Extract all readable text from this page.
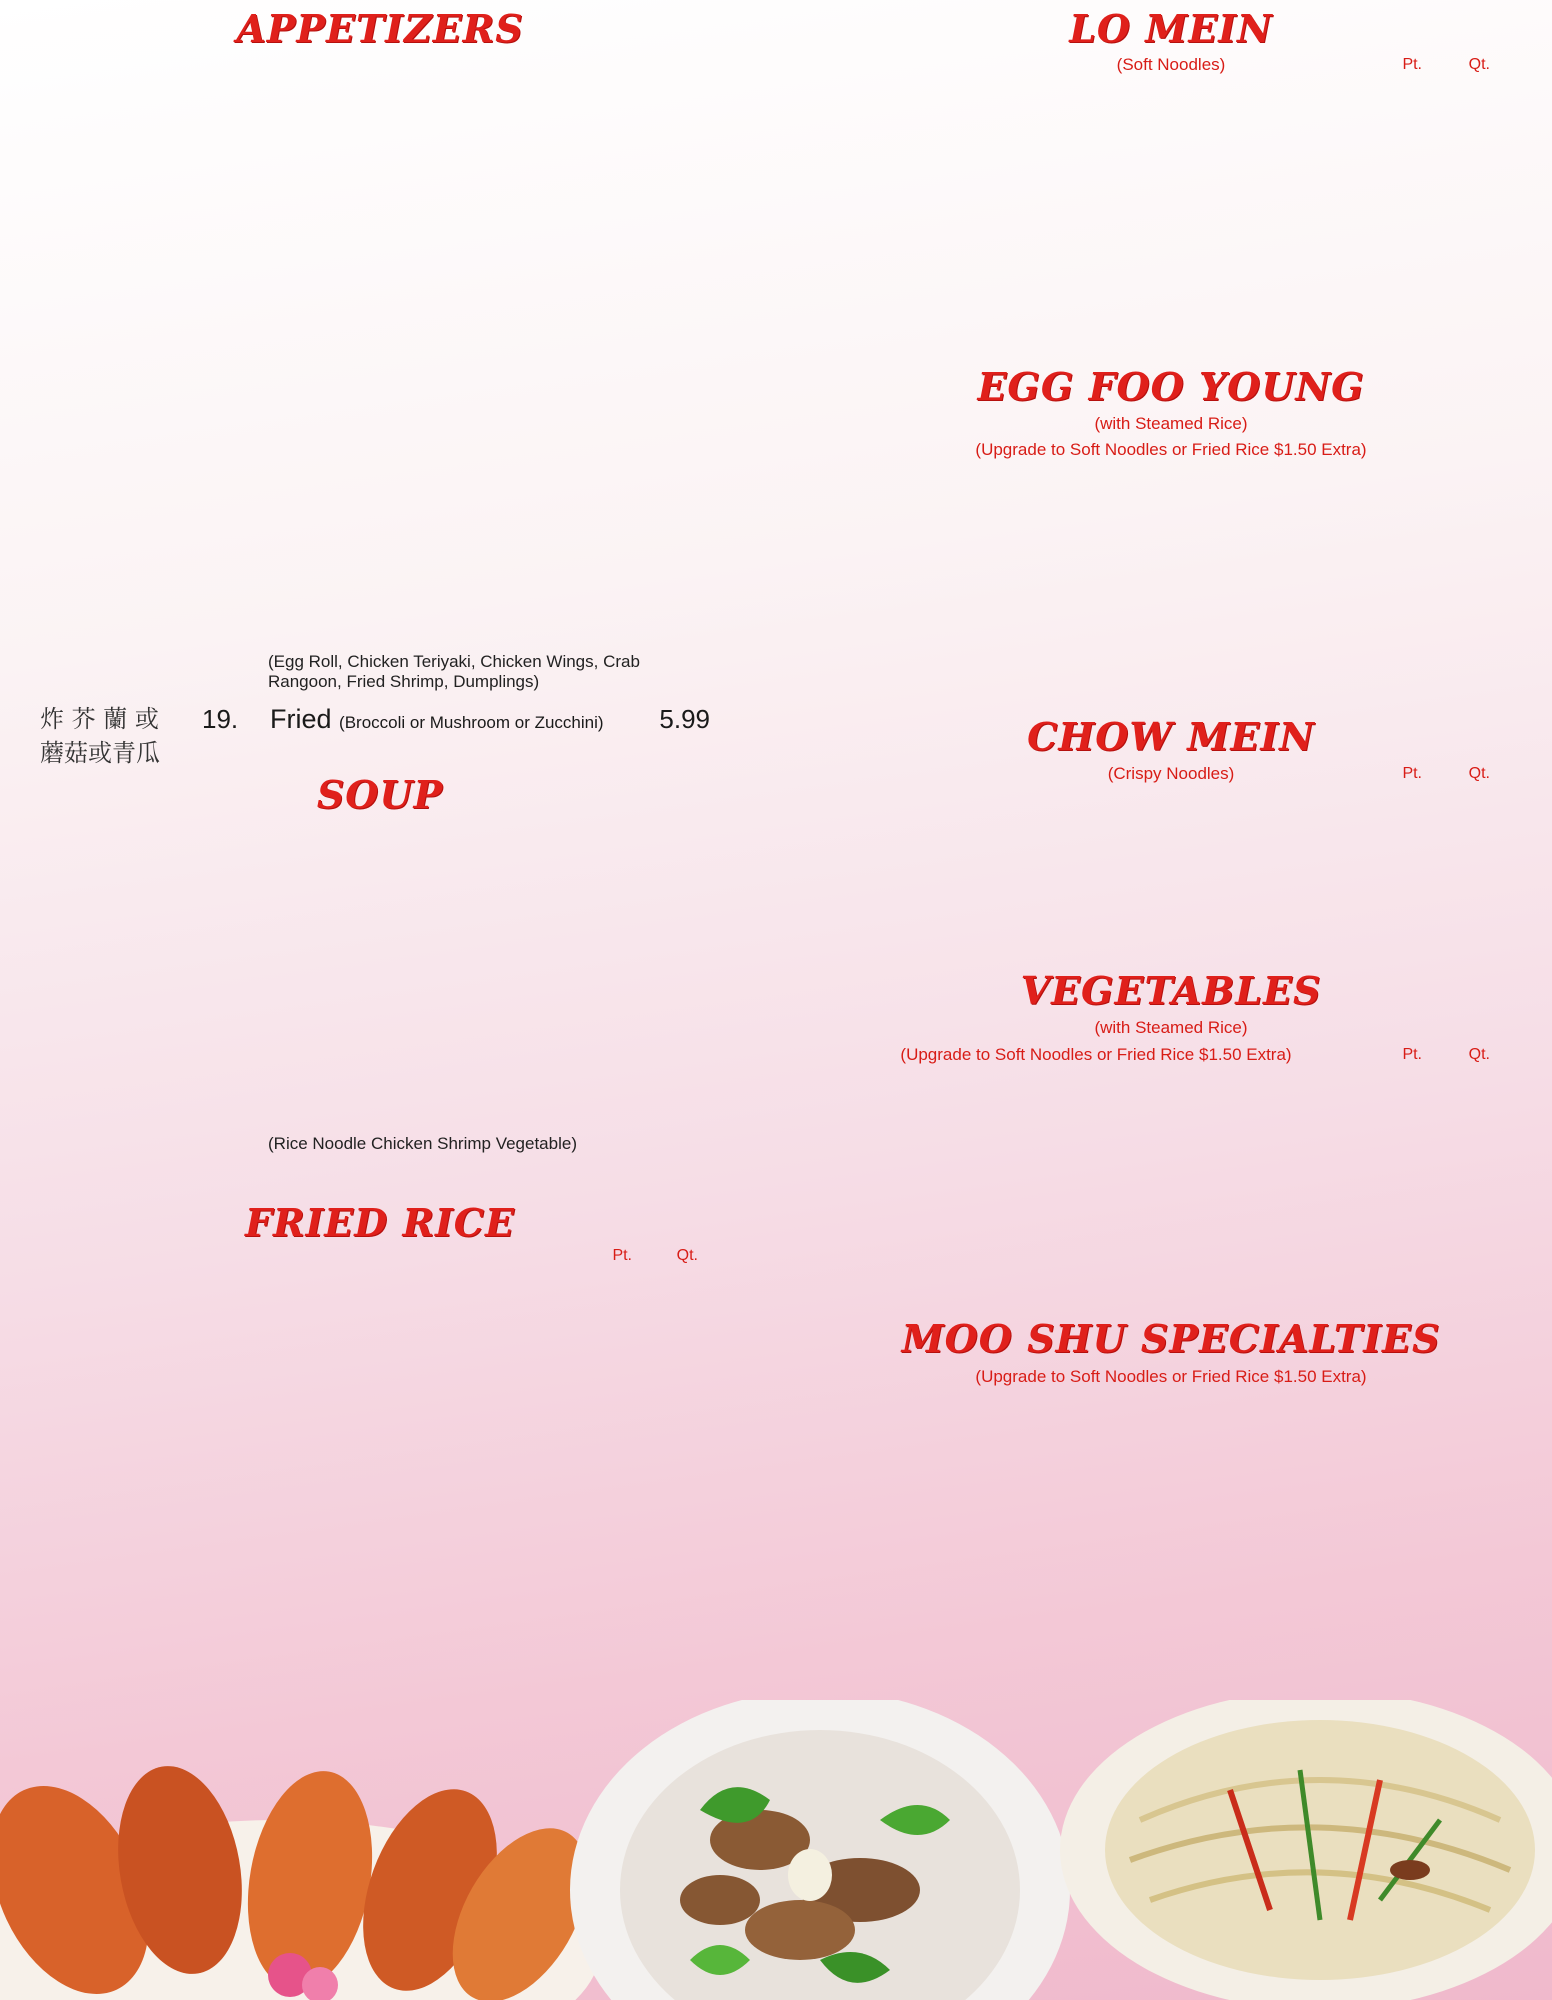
APPETIZERS
(Egg Roll, Chicken Teriyaki, Chicken Wings, Crab Rangoon, Fried Shrimp, Dumplings)
炸 芥 蘭 或 19. Fried (Broccoli or Mushroom or Zucchini) 5.99
蘑菇或青瓜
SOUP
(Rice Noodle Chicken Shrimp Vegetable)
FRIED RICE
Pt.	Qt.
LO MEIN
(Soft Noodles)	Pt.	Qt.
EGG FOO YOUNG
(with Steamed Rice)
(Upgrade to Soft Noodles or Fried Rice $1.50 Extra)
CHOW MEIN
(Crispy Noodles)	Pt.	Qt.
VEGETABLES
(with Steamed Rice)
(Upgrade to Soft Noodles or Fried Rice $1.50 Extra)	Pt.	Qt.
MOO SHU SPECIALTIES
(Upgrade to Soft Noodles or Fried Rice $1.50 Extra)
